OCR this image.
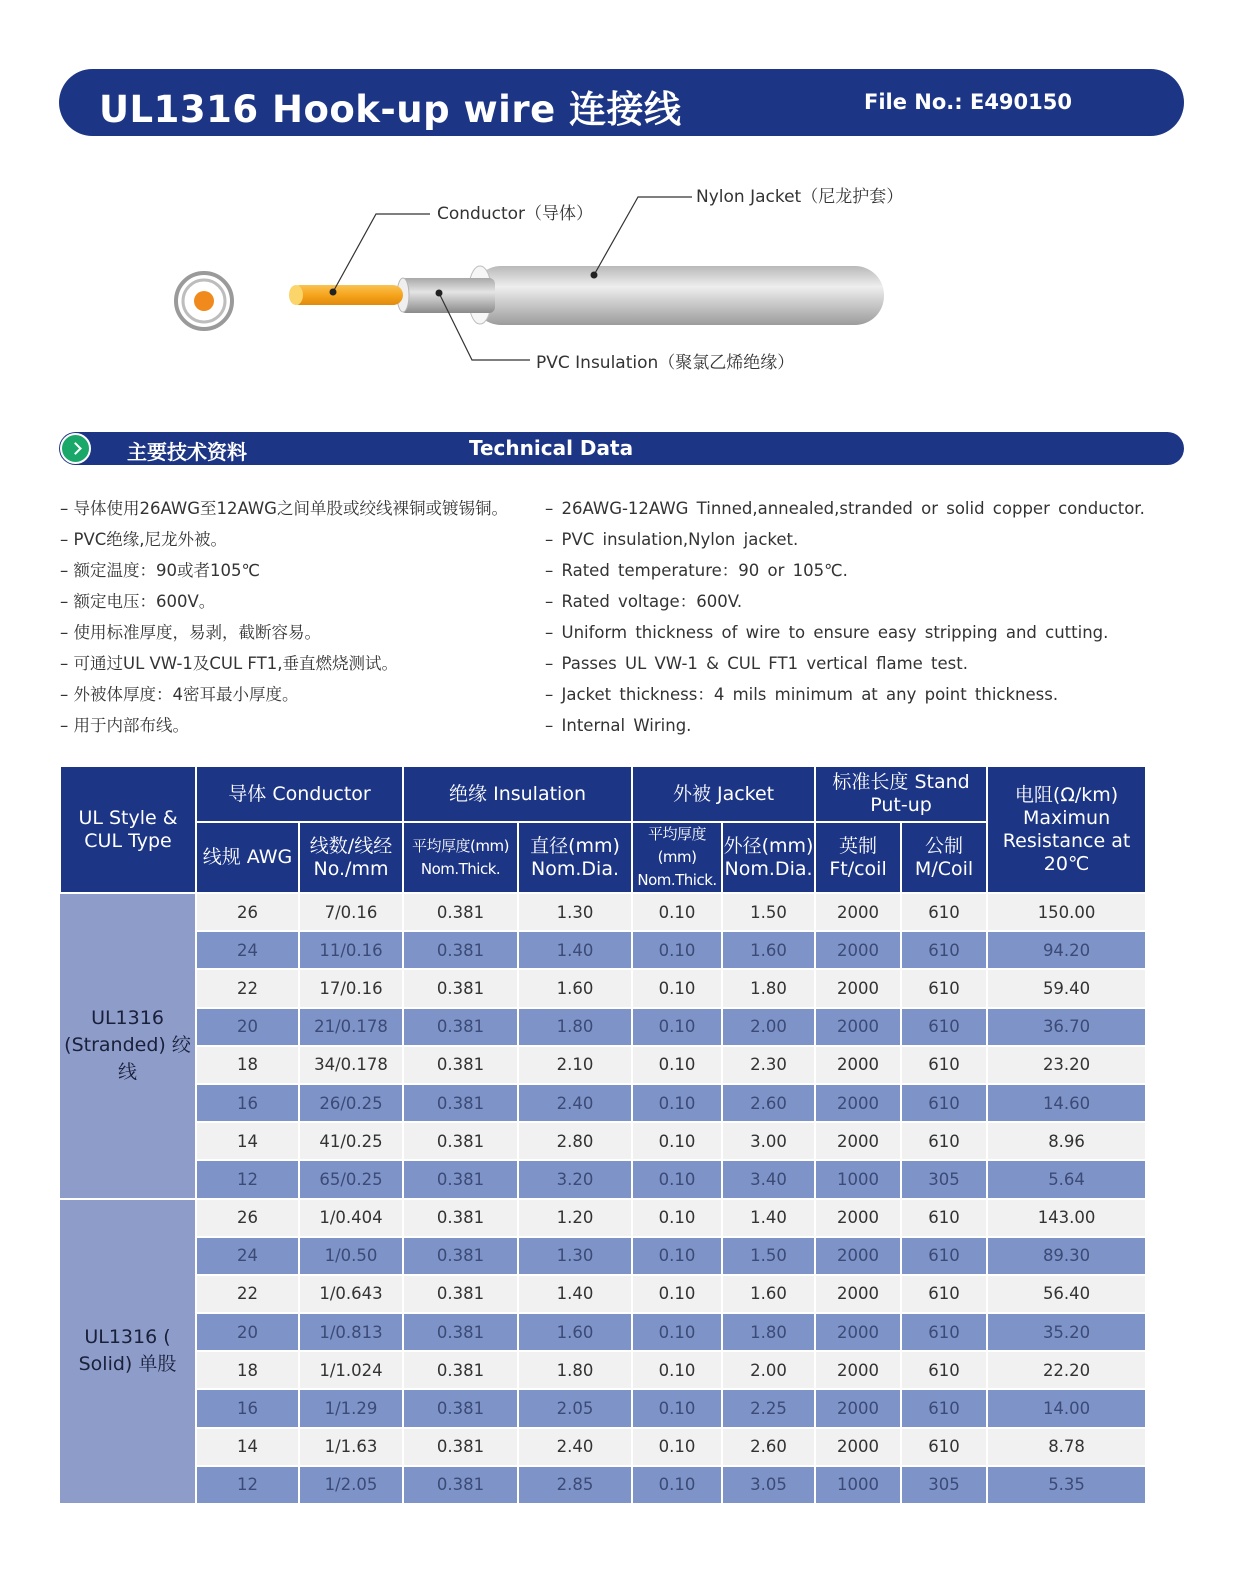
UL1316 Hook-up wire 连接线	File No.: E490150
Conductor（导体）
Nylon Jacket（尼龙护套）
PVC Insulation（聚氯乙烯绝缘）
主要技术资料	Technical Data
– 导体使用26AWG至12AWG之间单股或绞线裸铜或镀锡铜。
– PVC绝缘,尼龙外被。
– 额定温度：90或者105℃
– 额定电压：600V。
– 使用标准厚度，易剥，截断容易。
– 可通过UL VW-1及CUL FT1,垂直燃烧测试。
– 外被体厚度：4密耳最小厚度。
– 用于内部布线。
– 26AWG-12AWG Tinned,annealed,stranded or solid copper conductor.
– PVC insulation,Nylon jacket.
– Rated temperature：90 or 105℃.
– Rated voltage：600V.
– Uniform thickness of wire to ensure easy stripping and cutting.
– Passes UL VW-1 & CUL FT1 vertical flame test.
– Jacket thickness：4 mils minimum at any point thickness.
– Internal Wiring.
UL Style & CUL Type	导体 Conductor		绝缘 Insulation		外被 Jacket		标准长度 Stand Put-up		电阻(Ω/km) Maximun Resistance at 20℃
	线规 AWG	线数/线经 No./mm	平均厚度(mm) Nom.Thick.	直径(mm) Nom.Dia.	平均厚度(mm) Nom.Thick.	外径(mm) Nom.Dia.	英制 Ft/coil	公制 M/Coil	
UL1316 (Stranded) 绞线	26	7/0.16	0.381	1.30	0.10	1.50	2000	610	150.00
	24	11/0.16	0.381	1.40	0.10	1.60	2000	610	94.20
	22	17/0.16	0.381	1.60	0.10	1.80	2000	610	59.40
	20	21/0.178	0.381	1.80	0.10	2.00	2000	610	36.70
	18	34/0.178	0.381	2.10	0.10	2.30	2000	610	23.20
	16	26/0.25	0.381	2.40	0.10	2.60	2000	610	14.60
	14	41/0.25	0.381	2.80	0.10	3.00	2000	610	8.96
	12	65/0.25	0.381	3.20	0.10	3.40	1000	305	5.64
UL1316 ( Solid) 单股	26	1/0.404	0.381	1.20	0.10	1.40	2000	610	143.00
	24	1/0.50	0.381	1.30	0.10	1.50	2000	610	89.30
	22	1/0.643	0.381	1.40	0.10	1.60	2000	610	56.40
	20	1/0.813	0.381	1.60	0.10	1.80	2000	610	35.20
	18	1/1.024	0.381	1.80	0.10	2.00	2000	610	22.20
	16	1/1.29	0.381	2.05	0.10	2.25	2000	610	14.00
	14	1/1.63	0.381	2.40	0.10	2.60	2000	610	8.78
	12	1/2.05	0.381	2.85	0.10	3.05	1000	305	5.35
